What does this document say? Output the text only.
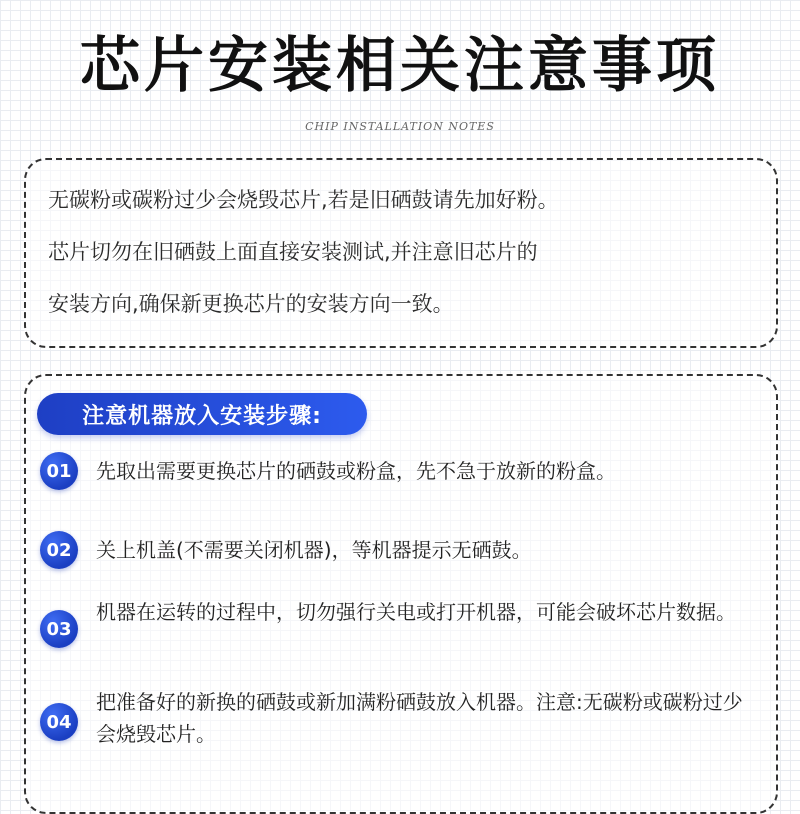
芯片安装相关注意事项
CHIP INSTALLATION NOTES
无碳粉或碳粉过少会烧毁芯片,若是旧硒鼓请先加好粉。
芯片切勿在旧硒鼓上面直接安装测试,并注意旧芯片的
安装方向,确保新更换芯片的安装方向一致。
注意机器放入安装步骤:
01	先取出需要更换芯片的硒鼓或粉盒，先不急于放新的粉盒。
02	关上机盖(不需要关闭机器)，等机器提示无硒鼓。
03
机器在运转的过程中，切勿强行关电或打开机器，可能会破坏芯片数据。
04
把准备好的新换的硒鼓或新加满粉硒鼓放入机器。注意:无碳粉或碳粉过少会烧毁芯片。
